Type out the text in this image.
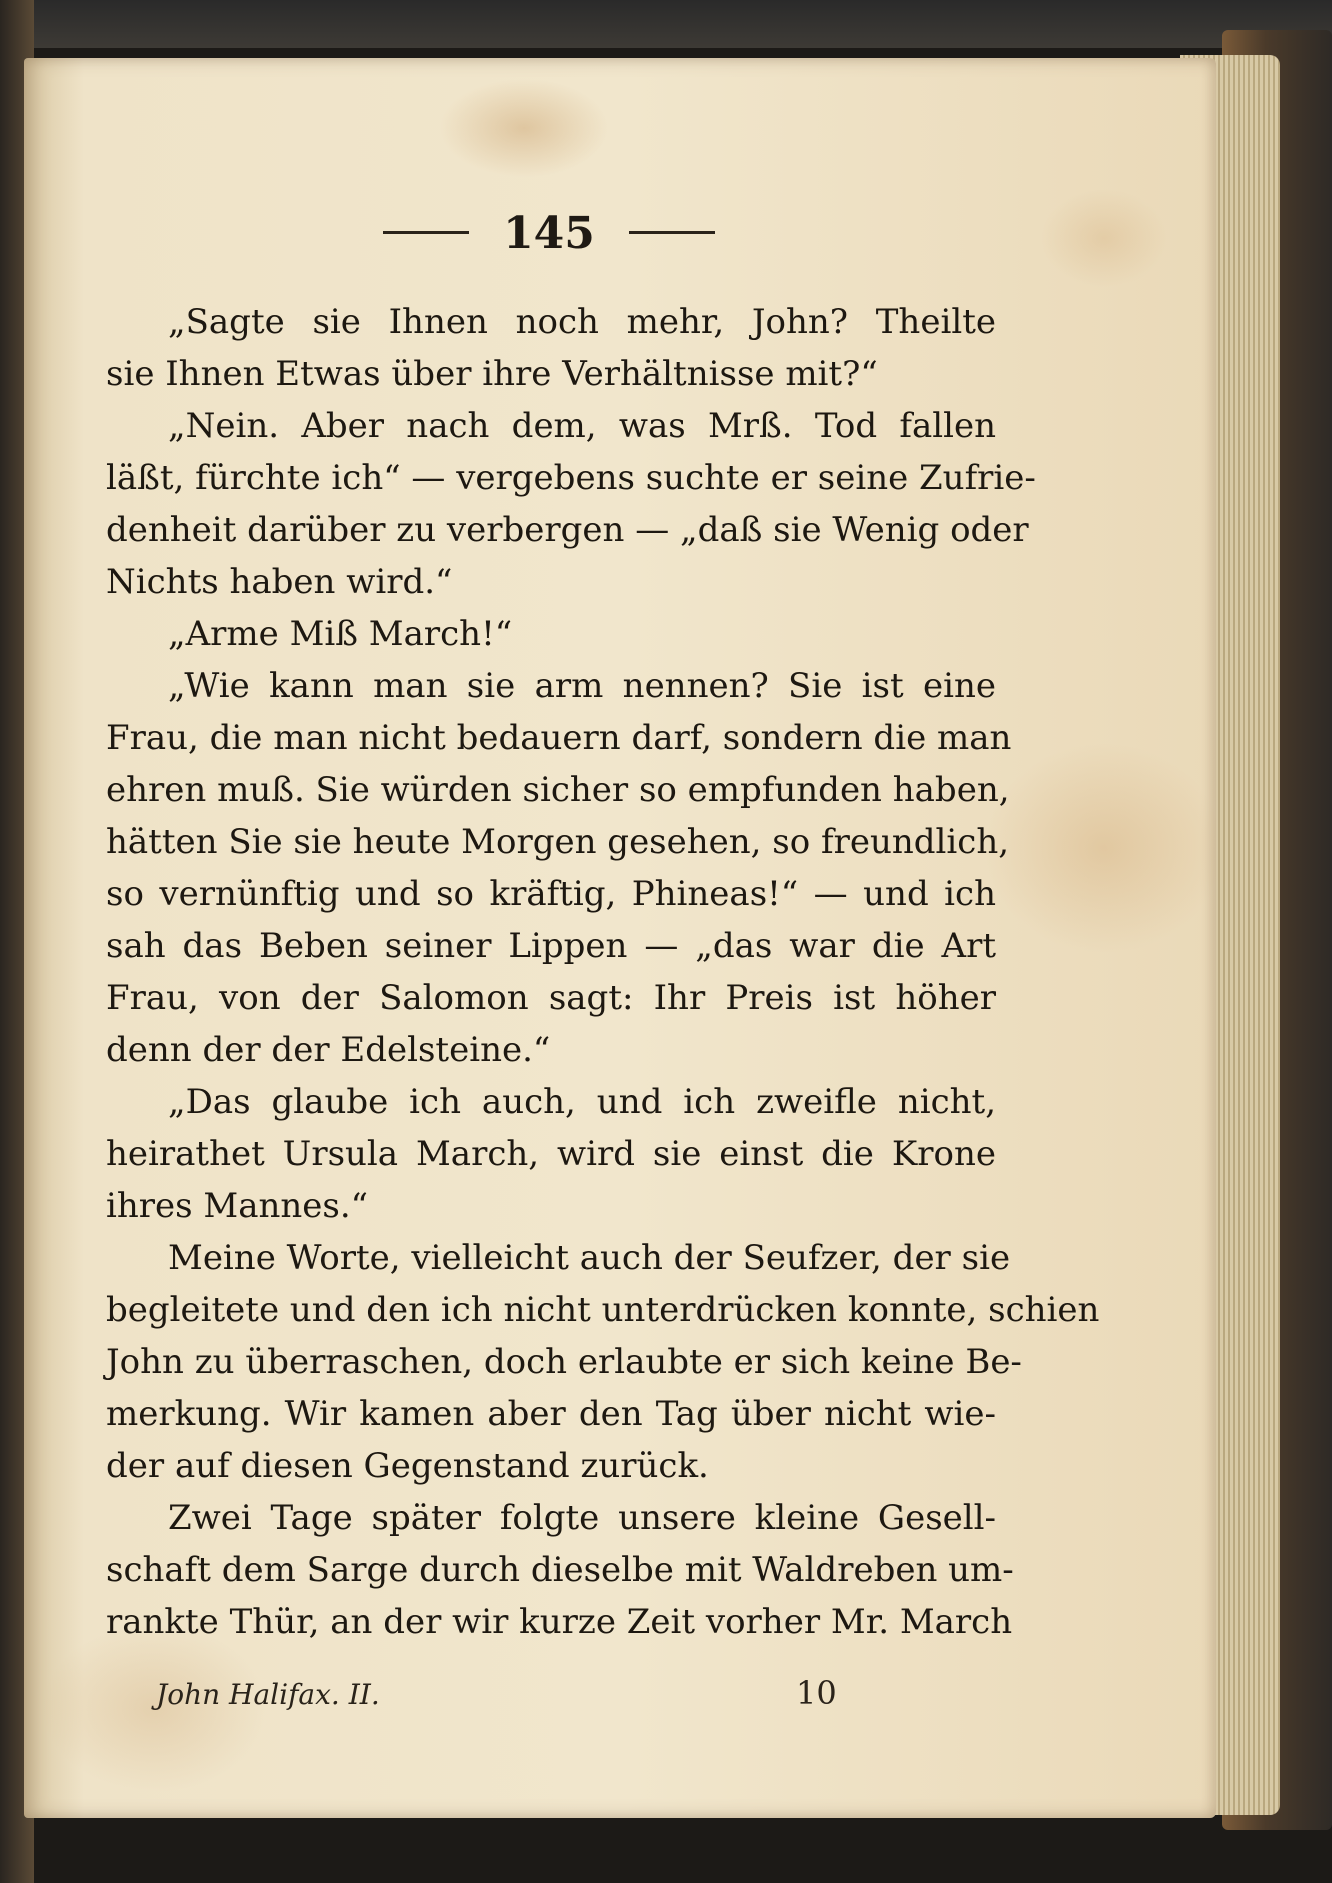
145
„Sagte sie Ihnen noch mehr, John? Theilte
sie Ihnen Etwas über ihre Verhältnisse mit?“
„Nein. Aber nach dem, was Mrß. Tod fallen
läßt, fürchte ich“ — vergebens suchte er seine Zufrie-
denheit darüber zu verbergen — „daß sie Wenig oder
Nichts haben wird.“
„Arme Miß March!“
„Wie kann man sie arm nennen? Sie ist eine
Frau, die man nicht bedauern darf, sondern die man
ehren muß. Sie würden sicher so empfunden haben,
hätten Sie sie heute Morgen gesehen, so freundlich,
so vernünftig und so kräftig, Phineas!“ — und ich
sah das Beben seiner Lippen — „das war die Art
Frau, von der Salomon sagt: Ihr Preis ist höher
denn der der Edelsteine.“
„Das glaube ich auch, und ich zweifle nicht,
heirathet Ursula March, wird sie einst die Krone
ihres Mannes.“
Meine Worte, vielleicht auch der Seufzer, der sie
begleitete und den ich nicht unterdrücken konnte, schien
John zu überraschen, doch erlaubte er sich keine Be-
merkung. Wir kamen aber den Tag über nicht wie-
der auf diesen Gegenstand zurück.
Zwei Tage später folgte unsere kleine Gesell-
schaft dem Sarge durch dieselbe mit Waldreben um-
rankte Thür, an der wir kurze Zeit vorher Mr. March
John Halifax. II.	10
